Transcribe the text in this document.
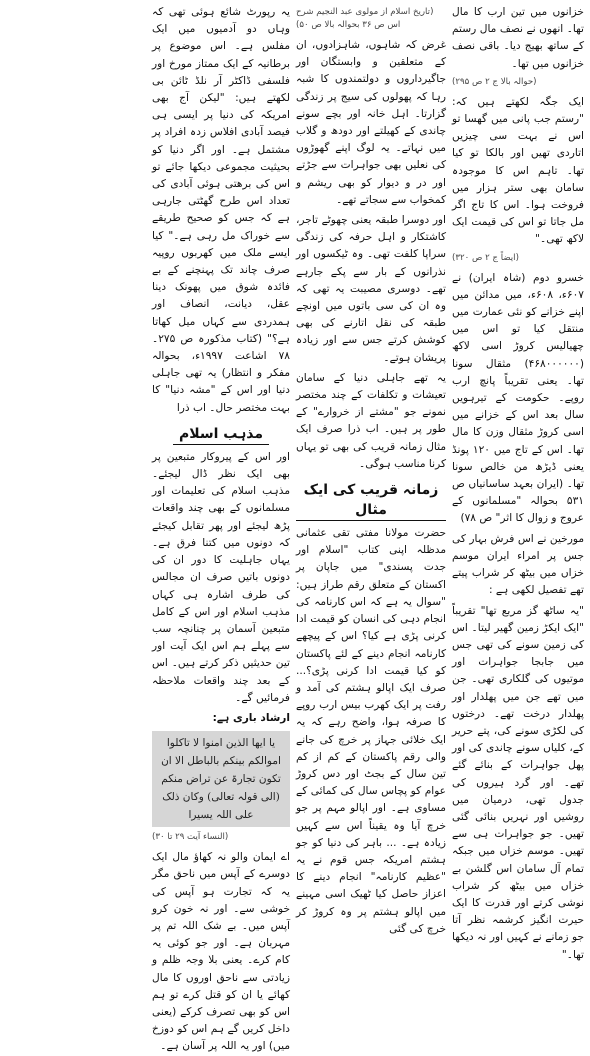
خزانوں میں تین ارب کا مال تھا۔ انھوں نے نصف مال رستم کے ساتھ بھیج دیا۔ باقی نصف خزانوں میں تھا۔

(حوالہ بالا ج ۲ ص ۲۹۵)

ایک جگہ لکھتے ہیں کہ: "رستم جب پانی میں گھسا تو اس نے بہت سی چیزیں اتاردی تھیں اور بالکا تو کیا تھا۔ تاہم اس کا موجودہ سامان بھی ستر ہزار میں فروخت ہوا۔ اس کا تاج اگر مل جاتا تو اس کی قیمت ایک لاکھ تھی۔"

(ایضاً ج ۲ ص ۳۲۰)

خسرو دوم (شاہ ایران) نے ۶۰۷ء، ۶۰۸ء، میں مدائن میں اپنے خزانے کو نئی عمارت میں منتقل کیا تو اس میں چھیالیس کروڑ اسی لاکھ (۴۶۸۰۰۰۰۰۰) مثقال سونا تھا۔ یعنی تقریباً پانچ ارب روپے۔ حکومت کے تیرہویں سال بعد اس کے خزانے میں اسی کروڑ مثقال وزن کا مال تھا۔ اس کے تاج میں ۱۲۰ پونڈ یعنی ڈیڑھ من خالص سونا تھا۔ (ایران بعہد ساسانیاں ص ۵۳۱ بحوالہ "مسلمانوں کے عروج و زوال کا اثر" ص ۷۸)

مورخین نے اس فرش بہار کی جس پر امراء ایران موسم خزاں میں بیٹھ کر شراب پیتے تھے تفصیل لکھی ہے :

"یہ ساٹھ گز مربع تھا" تقریباً "ایک ایکڑ زمین گھیر لیتا۔ اس کی زمین سونے کی تھی جس میں جابجا جواہرات اور موتیوں کی گلکاری تھی۔ جن میں تھے جن میں پھلدار اور پھلدار درخت تھے۔ درختوں کی لکڑی سونے کی، پتے حریر کے، کلیاں سونے چاندی کی اور پھل جواہرات کے بنائے گئے تھے۔ اور گرد ہیروں کی جدول تھی، درمیان میں روشیں اور نہریں بنائی گئی تھیں۔ جو جواہرات ہی سے تھیں۔ موسم خزاں میں جبکہ تمام آل سامان اس گلشن بے خزاں میں بیٹھ کر شراب نوشی کرتے اور قدرت کا ایک حیرت انگیز کرشمہ نظر آتا جو زمانے نے کہیں اور نہ دیکھا تھا۔"

(تاریخ اسلام از مولوی عبد النجیم شرح اس ص ۳۶ بحوالہ بالا ص ۵۰)

غرض کہ شاہوں، شاہزادوں، ان کے متعلقین و وابستگان اور جاگیرداروں و دولتمندوں کا شبہ رہا کہ پھولوں کی سیج پر زندگی گزارتا۔ اہل خانہ اور بچے سونے چاندی کے کھیلتے اور دودھ و گلاب میں نہاتے۔ یہ لوگ اپنے گھوڑوں کی نعلیں بھی جواہرات سے جڑتے اور در و دیوار کو بھی ریشم و کمخواب سے سجاتے تھے۔

اور دوسرا طبقہ یعنی چھوٹے تاجر، کاشتکار و اہل حرفہ کی زندگی سراپا کلفت تھی۔ وہ ٹیکسوں اور نذرانوں کے بار سے پکے جارہے تھے۔ دوسری مصیبت یہ تھی کہ وہ ان کی سی باتوں میں اونچے طبقہ کی نقل اتارنے کی بھی کوشش کرتے جس سے اور زیادہ پریشان ہوتے۔

یہ تھے جاہلی دنیا کے سامان تعیشات و تکلفات کے چند مختصر نمونے جو "مشتے از خروارے" کے طور پر ہیں۔ اب ذرا صرف ایک مثال زمانہ قریب کی بھی تو یہاں کرنا مناسب ہوگی۔

زمانہ قریب کی ایک مثال

حضرت مولانا مفتی تقی عثمانی مدظلہ اپنی کتاب "اسلام اور جدت پسندی" میں جاپان پر اکستان کے متعلق رقم طراز ہیں: "سوال یہ ہے کہ اس کارنامہ کی انجام دہی کی انسان کو قیمت ادا کرنی پڑی ہے کیا؟ اس کے پیچھے کارنامہ انجام دینے کے لئے پاکستان کو کیا قیمت ادا کرنی پڑی؟... صرف ایک اپالو ہشتم کی آمد و رفت پر ایک کھرب بیس ارب روپے کا صرفہ ہوا، واضح رہے کہ یہ ایک خلائی جہاز پر خرچ کی جانے والی رقم پاکستان کے کم از کم تین سال کے بجٹ اور دس کروڑ عوام کو پچاس سال کی کمائی کے مساوی ہے۔ اور اپالو مہم پر جو خرچ آیا وہ یقیناً اس سے کہیں زیادہ ہے۔ ... باہر کی دنیا کو جو ہشتم امریکہ جس قوم نے یہ "عظیم کارنامہ" انجام دینے کا اعزاز حاصل کیا ٹھیک اسی مہینے میں اپالو ہشتم پر وہ کروڑ کر خرچ کی گئی

یہ رپورٹ شائع ہوئی تھی کہ وہاں دو آدمیوں میں ایک مفلس ہے۔ اس موضوع پر برطانیہ کے ایک ممتاز مورخ اور فلسفی ڈاکٹر آر نلڈ ٹائن بی لکھتے ہیں: "لیکن آج بھی امریکہ کی دنیا پر ایسی ہی فیصد آبادی افلاس زدہ افراد پر مشتمل ہے۔ اور اگر دنیا کو بحیثیت مجموعی دیکھا جائے تو اس کی برھتی ہوئی آبادی کی تعداد اس طرح گھٹتی جارہی ہے کہ جس کو صحیح طریقے سے خوراک مل رہی ہے۔" کیا ایسے ملک میں کھربوں روپیہ صرف چاند تک پہنچنے کے بے فائدہ شوق میں پھونک دینا عقل، دیانت، انصاف اور ہمدردی سے کہاں میل کھاتا ہے؟" (کتاب مذکورہ ص ۲۷۵۔ ۷۸ اشاعت ۱۹۹۷ء، بحوالہ مفکر و انتظار) یہ تھی جاہلی دنیا اور اس کے "مشہ دنیا" کا بہت مختصر حال۔ اب ذرا

مذہب اسلام

اور اس کے پیروکار متبعین پر بھی ایک نظر ڈال لیجئے۔ مذہب اسلام کی تعلیمات اور مسلمانوں کے بھی چند واقعات پڑھ لیجئے اور پھر تقابل کیجئے کہ دونوں میں کتنا فرق ہے۔ یہاں جاہلیت کا دور ان کی دونوں باتیں صرف ان مجالس کی طرف اشارہ ہی کہاں مذہب اسلام اور اس کے کامل متبعین آسمان پر چنانچہ سب سے پہلے ہم اس ایک آیت اور تین حدیثیں ذکر کرتے ہیں۔ اس کے بعد چند واقعات ملاحظہ فرمائیں گے۔

ارشاد باری ہے:

یا ایھا الذین امنوا لا تاکلوا اموالکم بینکم بالباطل الا ان تکون تجارۃ عن تراض منکم (الی قولہ تعالی) وکان ذلک علی اللہ یسیرا
(النساء آیت ۲۹ تا ۳۰)

اے ایمان والو نہ کھاؤ مال ایک دوسرے کے آپس میں ناحق مگر یہ کہ تجارت ہو آپس کی خوشی سے۔ اور نہ خون کرو آپس میں۔ بے شک اللہ تم پر مہربان ہے۔ اور جو کوئی یہ کام کرے۔ یعنی بلا وجہ ظلم و زیادتی سے ناحق اوروں کا مال کھائے یا ان کو قتل کرے تو ہم اس کو بھی تصرف کرکے (یعنی داخل کریں گے ہم اس کو دوزخ میں) اور یہ اللہ پر آسان ہے۔
